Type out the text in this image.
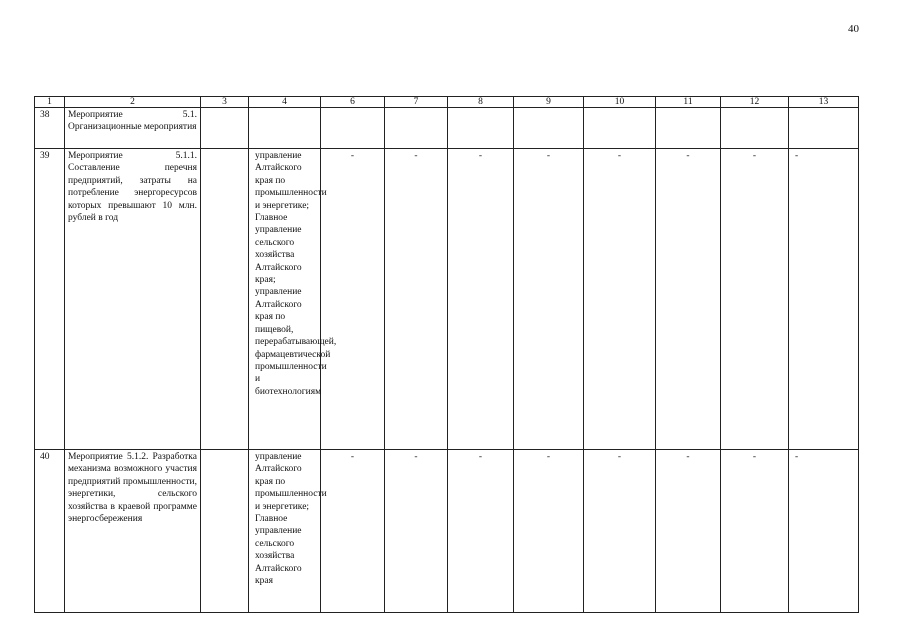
40
1	2	3	4	6	7	8	9	10	11	12	13
38	Мероприятие 5.1. Организационные мероприятия										
39	Мероприятие 5.1.1. Составление перечня предприятий, затраты на потребление энергоресурсов которых превышают 10 млн. рублей в год		управление Алтайского края по промышленности и энергетике; Главное управление сельского хозяйства Алтайского края; управление Алтайского края по пищевой, перерабатывающей, фармацевтической промышленности и биотехнологиям	-	-	-	-	-	-	-	-
40	Мероприятие 5.1.2. Разработка механизма возможного участия предприятий промышленности, энергетики, сельского хозяйства в краевой программе энергосбережения		управление Алтайского края по промышленности и энергетике; Главное управление сельского хозяйства Алтайского края	-	-	-	-	-	-	-	-
